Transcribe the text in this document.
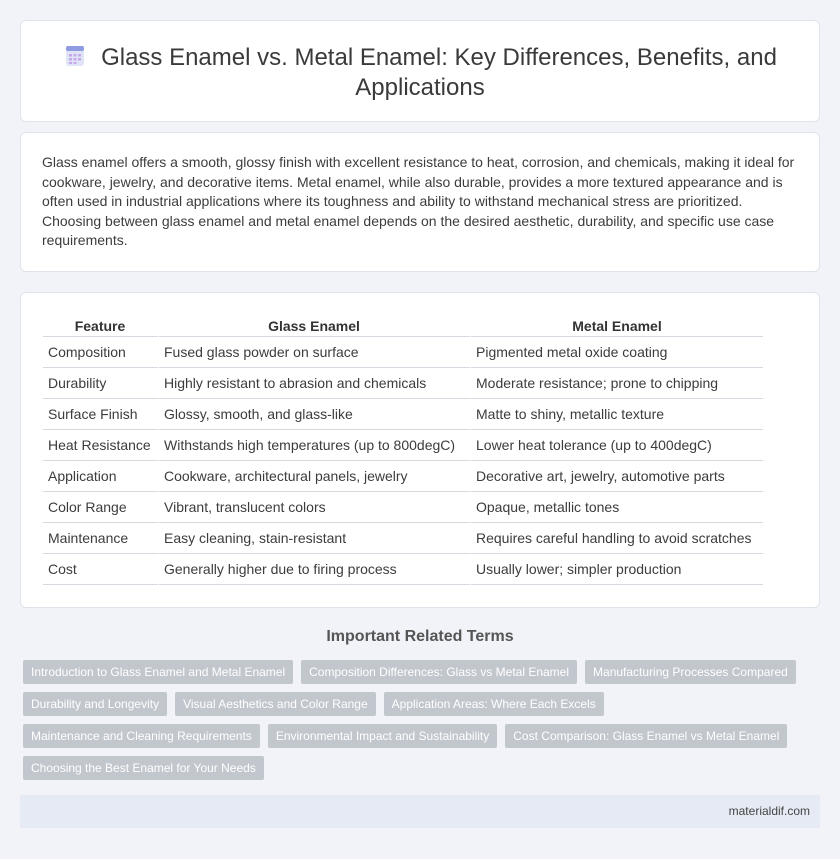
Glass Enamel vs. Metal Enamel: Key Differences, Benefits, and Applications

Glass enamel offers a smooth, glossy finish with excellent resistance to heat, corrosion, and chemicals, making it ideal for cookware, jewelry, and decorative items. Metal enamel, while also durable, provides a more textured appearance and is often used in industrial applications where its toughness and ability to withstand mechanical stress are prioritized. Choosing between glass enamel and metal enamel depends on the desired aesthetic, durability, and specific use case requirements.

Feature	Glass Enamel	Metal Enamel
Composition	Fused glass powder on surface	Pigmented metal oxide coating
Durability	Highly resistant to abrasion and chemicals	Moderate resistance; prone to chipping
Surface Finish	Glossy, smooth, and glass-like	Matte to shiny, metallic texture
Heat Resistance	Withstands high temperatures (up to 800degC)	Lower heat tolerance (up to 400degC)
Application	Cookware, architectural panels, jewelry	Decorative art, jewelry, automotive parts
Color Range	Vibrant, translucent colors	Opaque, metallic tones
Maintenance	Easy cleaning, stain-resistant	Requires careful handling to avoid scratches
Cost	Generally higher due to firing process	Usually lower; simpler production
Important Related Terms
Introduction to Glass Enamel and Metal Enamel	Composition Differences: Glass vs Metal Enamel	Manufacturing Processes Compared
Durability and Longevity	Visual Aesthetics and Color Range	Application Areas: Where Each Excels
Maintenance and Cleaning Requirements	Environmental Impact and Sustainability	Cost Comparison: Glass Enamel vs Metal Enamel
Choosing the Best Enamel for Your Needs
materialdif.com
